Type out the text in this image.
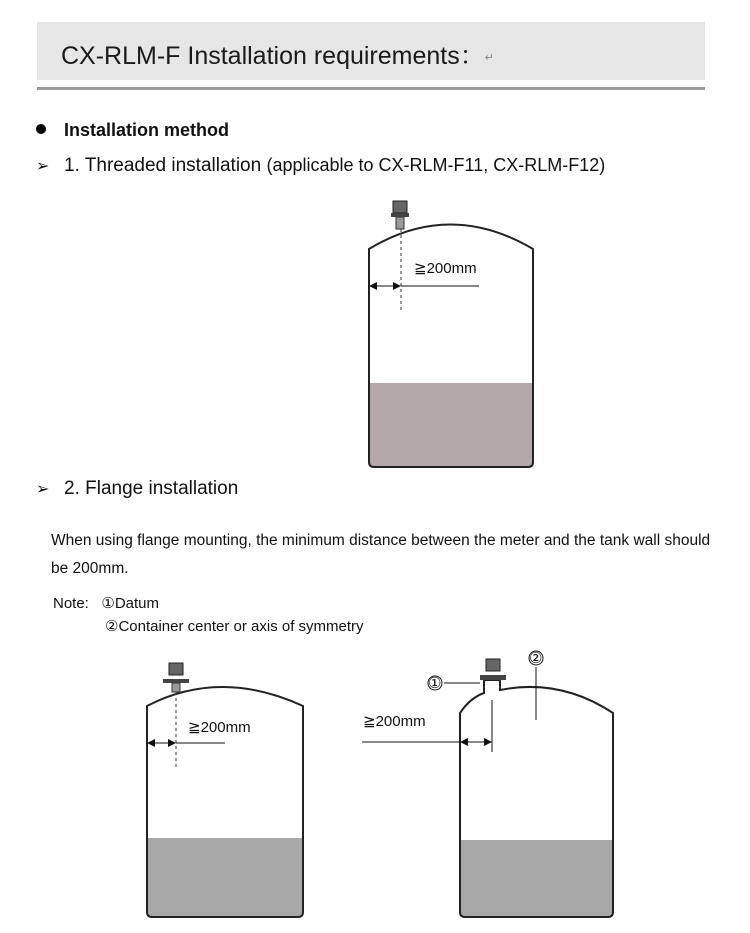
CX-RLM-F Installation requirements：↵
Installation method
➢ 1. Threaded installation (applicable to CX-RLM-F11, CX-RLM-F12)
➢ 2. Flange installation
When using flange mounting, the minimum distance between the meter and the tank wall should be 200mm.
Note: ①Datum
②Container center or axis of symmetry
≧200mm
≧200mm
①
②
≧200mm
